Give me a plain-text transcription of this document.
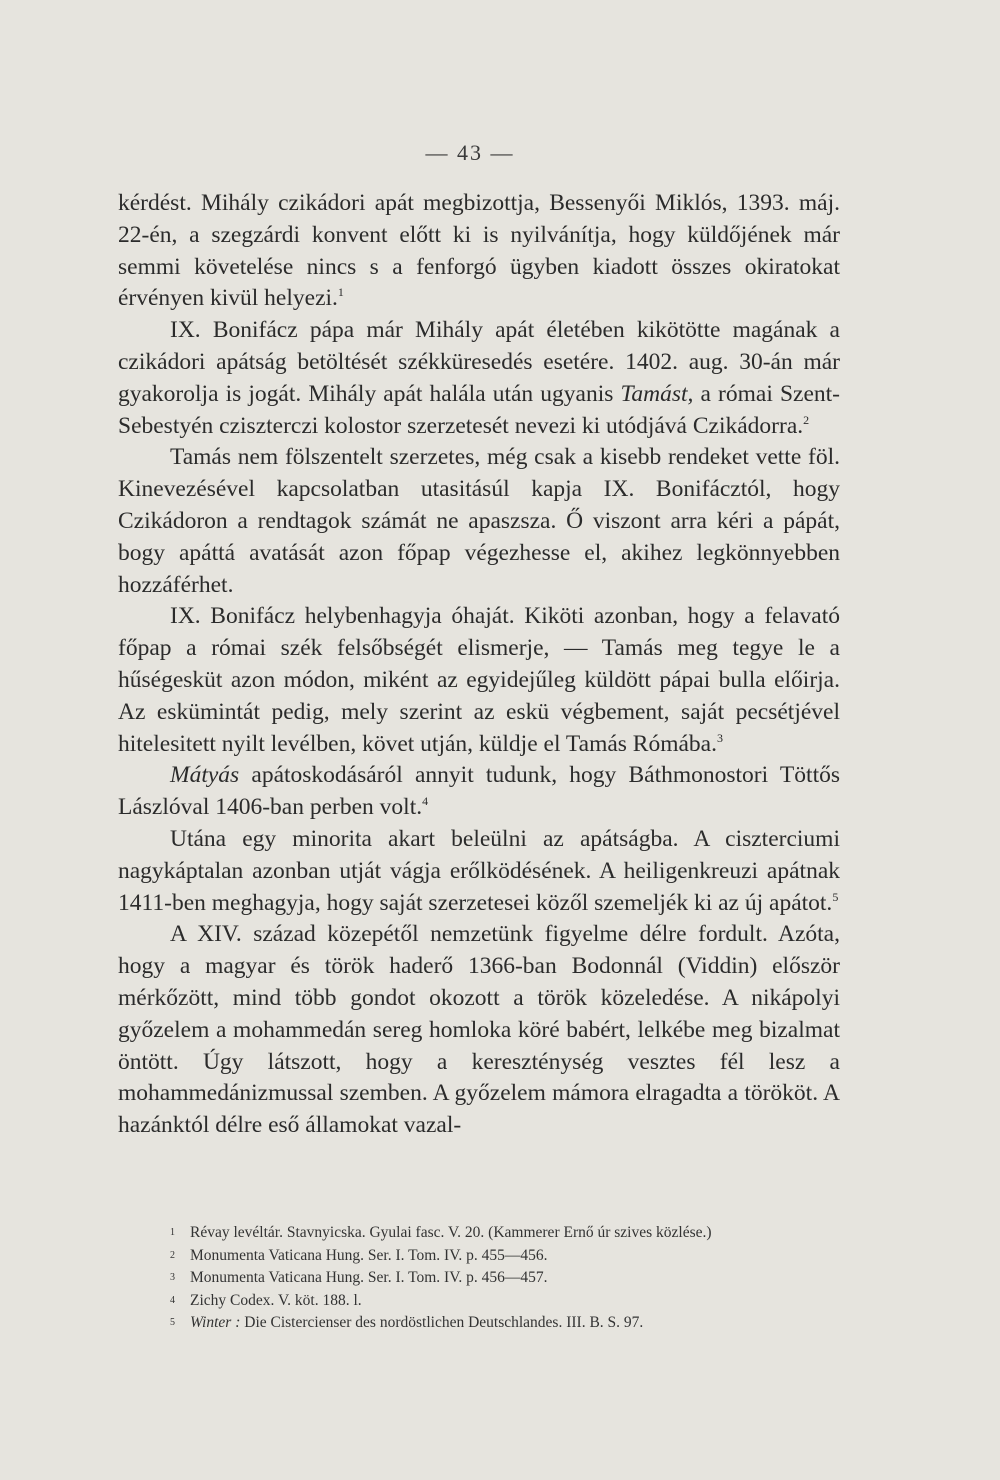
— 43 —

kérdést. Mihály czikádori apát megbizottja, Bessenyői Miklós, 1393. máj. 22-én, a szegzárdi konvent előtt ki is nyilvánítja, hogy küldőjének már semmi követelése nincs s a fenforgó ügyben kiadott összes okiratokat érvényen kivül helyezi.$^1$

IX. Bonifácz pápa már Mihály apát életében kikötötte magának a czikádori apátság betöltését székküresedés esetére. 1402. aug. 30-án már gyakorolja is jogát. Mihály apát halála után ugyanis Tamást, a római Szent-Sebestyén cziszterczi kolostor szerzetesét nevezi ki utódjává Czikádorra.$^2$

Tamás nem fölszentelt szerzetes, még csak a kisebb rendeket vette föl. Kinevezésével kapcsolatban utasitásúl kapja IX. Bonifácztól, hogy Czikádoron a rendtagok számát ne apaszsza. Ő viszont arra kéri a pápát, bogy apáttá avatását azon főpap végezhesse el, akihez legkönnyebben hozzáférhet.

IX. Bonifácz helybenhagyja óhaját. Kiköti azonban, hogy a felavató főpap a római szék felsőbségét elismerje, — Tamás meg tegye le a hűségesküt azon módon, miként az egyidejűleg küldött pápai bulla előirja. Az eskümintát pedig, mely szerint az eskü végbement, saját pecsétjével hitelesitett nyilt levélben, követ utján, küldje el Tamás Rómába.$^3$

Mátyás apátoskodásáról annyit tudunk, hogy Báthmonostori Töttős Lászlóval 1406-ban perben volt.$^4$

Utána egy minorita akart beleülni az apátságba. A ciszterciumi nagykáptalan azonban utját vágja erőlködésének. A heiligenkreuzi apátnak 1411-ben meghagyja, hogy saját szerzetesei közől szemeljék ki az új apátot.$^5$

A XIV. század közepétől nemzetünk figyelme délre fordult. Azóta, hogy a magyar és török haderő 1366-ban Bodonnál (Viddin) először mérkőzött, mind több gondot okozott a török közeledése. A nikápolyi győzelem a mohammedán sereg homloka köré babért, lelkébe meg bizalmat öntött. Úgy látszott, hogy a kereszténység vesztes fél lesz a mohammedánizmussal szemben. A győzelem mámora elragadta a törököt. A hazánktól délre eső államokat vazal-

1 Révay levéltár. Stavnyicska. Gyulai fasc. V. 20. (Kammerer Ernő úr szives közlése.)
2 Monumenta Vaticana Hung. Ser. I. Tom. IV. p. 455—456.
3 Monumenta Vaticana Hung. Ser. I. Tom. IV. p. 456—457.
4 Zichy Codex. V. köt. 188. l.
5 Winter : Die Cistercienser des nordöstlichen Deutschlandes. III. B. S. 97.
